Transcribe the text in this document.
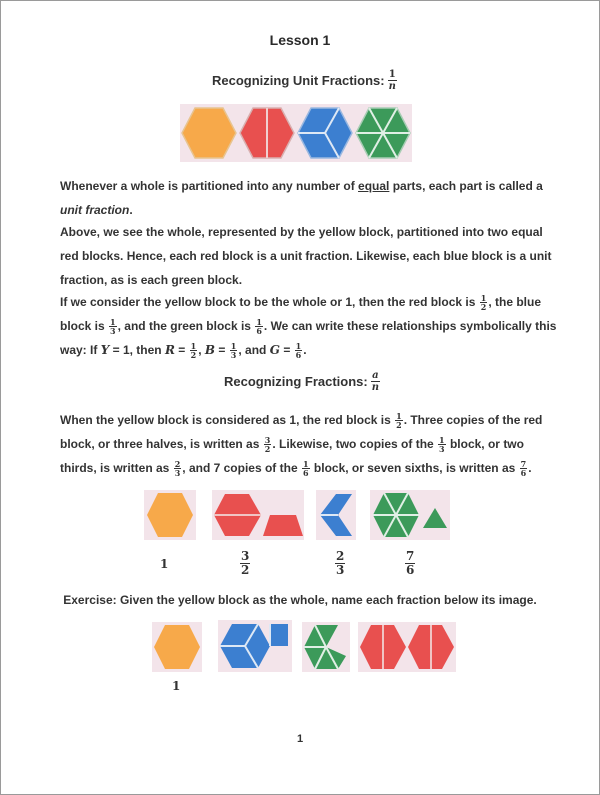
Lesson 1
Recognizing Unit Fractions: $\frac{1}{n}$
Whenever a whole is partitioned into any number of equal parts, each part is called a
unit fraction.
Above, we see the whole, represented by the yellow block, partitioned into two equal
red blocks. Hence, each red block is a unit fraction. Likewise, each blue block is a unit
fraction, as is each green block.
If we consider the yellow block to be the whole or 1, then the red block is $\frac{1}{2}$ , the blue
block is $\frac{1}{3}$ , and the green block is $\frac{1}{6}$ . We can write these relationships symbolically this
way: If Y = 1, then $R = \frac{1}{2}$ , $B = \frac{1}{3}$ , and $G = \frac{1}{6}$ .
Recognizing Fractions: $\frac{a}{n}$
When the yellow block is considered as 1, the red block is $\frac{1}{2}$ . Three copies of the red
block, or three halves, is written as $\frac{3}{2}$ . Likewise, two copies of the $\frac{1}{3}$ block, or two
thirds, is written as $\frac{2}{3}$ , and 7 copies of the $\frac{1}{6}$ block, or seven sixths, is written as $\frac{7}{6}$ .
1	$\frac{3}{2}$	$\frac{2}{3}$	$\frac{7}{6}$
Exercise: Given the yellow block as the whole, name each fraction below its image.
1
1
